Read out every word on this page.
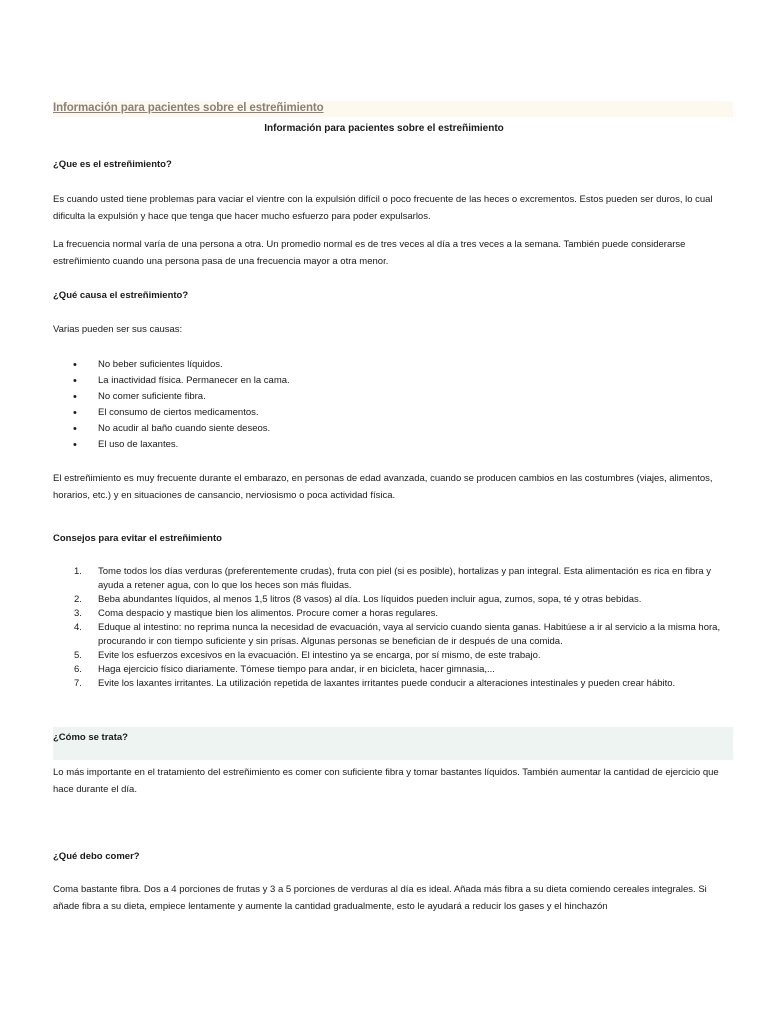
Información para pacientes sobre el estreñimiento
Información para pacientes sobre el estreñimiento
¿Que es el estreñimiento?
Es cuando usted tiene problemas para vaciar el vientre con la expulsión difícil o poco frecuente de las heces o excrementos. Estos pueden ser duros, lo cual dificulta la expulsión y hace que tenga que hacer mucho esfuerzo para poder expulsarlos.
La frecuencia normal varía de una persona a otra. Un promedio normal es de tres veces al día a tres veces a la semana. También puede considerarse estreñimiento cuando una persona pasa de una frecuencia mayor a otra menor.
¿Qué causa el estreñimiento?
Varias pueden ser sus causas:
• No beber suficientes líquidos.
• La inactividad física. Permanecer en la cama.
• No comer suficiente fibra.
• El consumo de ciertos medicamentos.
• No acudir al baño cuando siente deseos.
• El uso de laxantes.
El estreñimiento es muy frecuente durante el embarazo, en personas de edad avanzada, cuando se producen cambios en las costumbres (viajes, alimentos, horarios, etc.) y en situaciones de cansancio, nerviosismo o poca actividad física.
Consejos para evitar el estreñimiento
1. Tome todos los días verduras (preferentemente crudas), fruta con piel (si es posible), hortalizas y pan integral. Esta alimentación es rica en fibra y ayuda a retener agua, con lo que los heces son más fluidas.
2. Beba abundantes líquidos, al menos 1,5 litros (8 vasos) al día. Los líquidos pueden incluir agua, zumos, sopa, té y otras bebidas.
3. Coma despacio y mastique bien los alimentos. Procure comer a horas regulares.
4. Eduque al intestino: no reprima nunca la necesidad de evacuación, vaya al servicio cuando sienta ganas. Habitúese a ir al servicio a la misma hora, procurando ir con tiempo suficiente y sin prisas. Algunas personas se benefician de ir después de una comida.
5. Evite los esfuerzos excesivos en la evacuación. El intestino ya se encarga, por sí mismo, de este trabajo.
6. Haga ejercicio físico diariamente. Tómese tiempo para andar, ir en bicicleta, hacer gimnasia,...
7. Evite los laxantes irritantes. La utilización repetida de laxantes irritantes puede conducir a alteraciones intestinales y pueden crear hábito.
¿Cómo se trata?
Lo más importante en el tratamiento del estreñimiento es comer con suficiente fibra y tomar bastantes líquidos. También aumentar la cantidad de ejercicio que hace durante el día.
¿Qué debo comer?
Coma bastante fibra. Dos a 4 porciones de frutas y 3 a 5 porciones de verduras al día es ideal. Añada más fibra a su dieta comiendo cereales integrales. Si añade fibra a su dieta, empiece lentamente y aumente la cantidad gradualmente, esto le ayudará a reducir los gases y el hinchazón
